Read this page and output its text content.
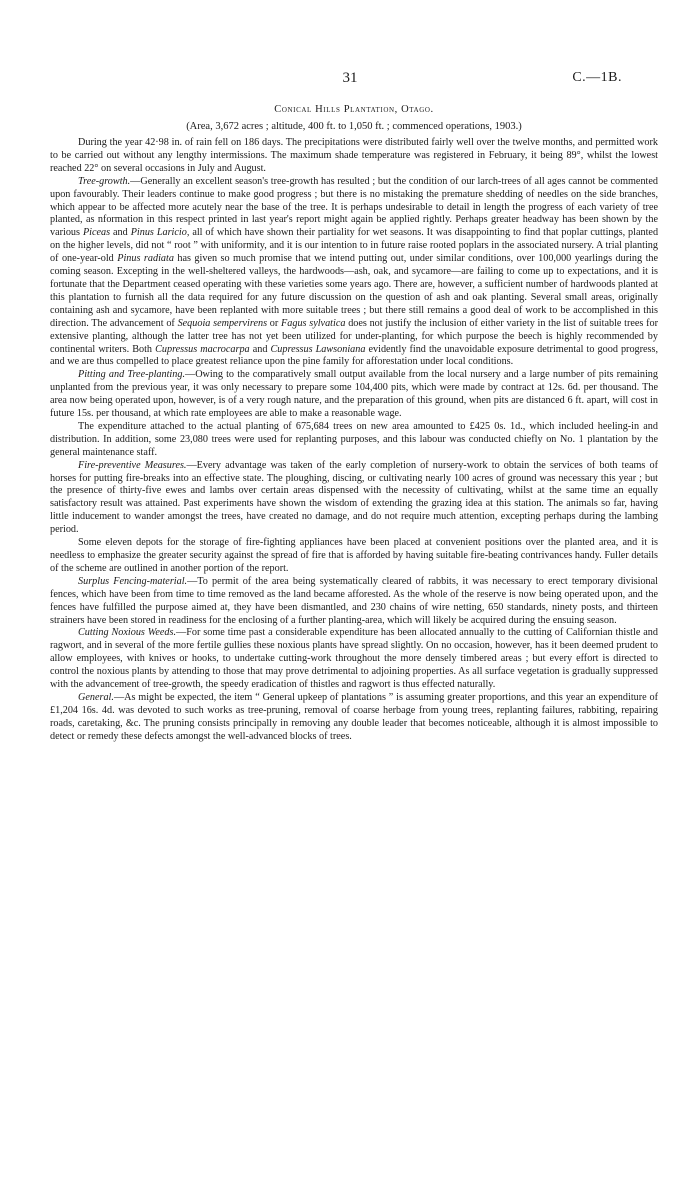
31	C.—1B.
Conical Hills Plantation, Otago.
(Area, 3,672 acres ; altitude, 400 ft. to 1,050 ft. ; commenced operations, 1903.)

During the year 42·98 in. of rain fell on 186 days. The precipitations were distributed fairly well over the twelve months, and permitted work to be carried out without any lengthy intermissions. The maximum shade temperature was registered in February, it being 89°, whilst the lowest reached 22° on several occasions in July and August.

Tree-growth.—Generally an excellent season's tree-growth has resulted ; but the condition of our larch-trees of all ages cannot be commented upon favourably. Their leaders continue to make good progress ; but there is no mistaking the premature shedding of needles on the side branches, which appear to be affected more acutely near the base of the tree. It is perhaps undesirable to detail in length the progress of each variety of tree planted, as nformation in this respect printed in last year's report might again be applied rightly. Perhaps greater headway has been shown by the various Piceas and Pinus Laricio, all of which have shown their partiality for wet seasons. It was disappointing to find that poplar cuttings, planted on the higher levels, did not “ root ” with uniformity, and it is our intention to in future raise rooted poplars in the associated nursery. A trial planting of one-year-old Pinus radiata has given so much promise that we intend putting out, under similar conditions, over 100,000 yearlings during the coming season. Excepting in the well-sheltered valleys, the hardwoods—ash, oak, and sycamore—are failing to come up to expectations, and it is fortunate that the Department ceased operating with these varieties some years ago. There are, however, a sufficient number of hardwoods planted at this plantation to furnish all the data required for any future discussion on the question of ash and oak planting. Several small areas, originally containing ash and sycamore, have been replanted with more suitable trees ; but there still remains a good deal of work to be accomplished in this direction. The advancement of Sequoia sempervirens or Fagus sylvatica does not justify the inclusion of either variety in the list of suitable trees for extensive planting, although the latter tree has not yet been utilized for under-planting, for which purpose the beech is highly recommended by continental writers. Both Cupressus macrocarpa and Cupressus Lawsoniana evidently find the unavoidable exposure detrimental to good progress, and we are thus compelled to place greatest reliance upon the pine family for afforestation under local conditions.

Pitting and Tree-planting.—Owing to the comparatively small output available from the local nursery and a large number of pits remaining unplanted from the previous year, it was only necessary to prepare some 104,400 pits, which were made by contract at 12s. 6d. per thousand. The area now being operated upon, however, is of a very rough nature, and the preparation of this ground, when pits are distanced 6 ft. apart, will cost in future 15s. per thousand, at which rate employees are able to make a reasonable wage.

The expenditure attached to the actual planting of 675,684 trees on new area amounted to £425 0s. 1d., which included heeling-in and distribution. In addition, some 23,080 trees were used for replanting purposes, and this labour was conducted chiefly on No. 1 plantation by the general maintenance staff.

Fire-preventive Measures.—Every advantage was taken of the early completion of nursery-work to obtain the services of both teams of horses for putting fire-breaks into an effective state. The ploughing, discing, or cultivating nearly 100 acres of ground was necessary this year ; but the presence of thirty-five ewes and lambs over certain areas dispensed with the necessity of cultivating, whilst at the same time an equally satisfactory result was attained. Past experiments have shown the wisdom of extending the grazing idea at this station. The animals so far, having little inducement to wander amongst the trees, have created no damage, and do not require much attention, excepting perhaps during the lambing period.

Some eleven depots for the storage of fire-fighting appliances have been placed at convenient positions over the planted area, and it is needless to emphasize the greater security against the spread of fire that is afforded by having suitable fire-beating contrivances handy. Fuller details of the scheme are outlined in another portion of the report.

Surplus Fencing-material.—To permit of the area being systematically cleared of rabbits, it was necessary to erect temporary divisional fences, which have been from time to time removed as the land became afforested. As the whole of the reserve is now being operated upon, and the fences have fulfilled the purpose aimed at, they have been dismantled, and 230 chains of wire netting, 650 standards, ninety posts, and thirteen strainers have been stored in readiness for the enclosing of a further planting-area, which will likely be acquired during the ensuing season.

Cutting Noxious Weeds.—For some time past a considerable expenditure has been allocated annually to the cutting of Californian thistle and ragwort, and in several of the more fertile gullies these noxious plants have spread slightly. On no occasion, however, has it been deemed prudent to allow employees, with knives or hooks, to undertake cutting-work throughout the more densely timbered areas ; but every effort is directed to control the noxious plants by attending to those that may prove detrimental to adjoining properties. As all surface vegetation is gradually suppressed with the advancement of tree-growth, the speedy eradication of thistles and ragwort is thus effected naturally.

General.—As might be expected, the item “ General upkeep of plantations ” is assuming greater proportions, and this year an expenditure of £1,204 16s. 4d. was devoted to such works as tree-pruning, removal of coarse herbage from young trees, replanting failures, rabbiting, repairing roads, caretaking, &c. The pruning consists principally in removing any double leader that becomes noticeable, although it is almost impossible to detect or remedy these defects amongst the well-advanced blocks of trees.
